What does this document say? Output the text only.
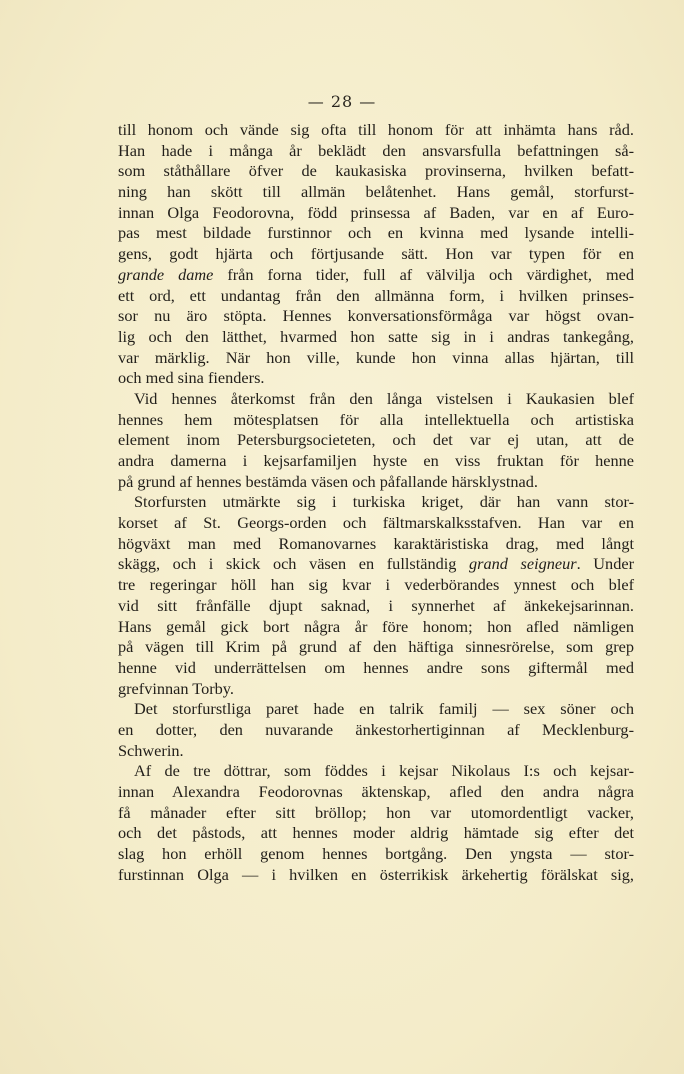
— 28 —
till honom och vände sig ofta till honom för att inhämta hans råd.
Han hade i många år beklädt den ansvarsfulla befattningen så-
som ståthållare öfver de kaukasiska provinserna, hvilken befatt-
ning han skött till allmän belåtenhet. Hans gemål, storfurst-
innan Olga Feodorovna, född prinsessa af Baden, var en af Euro-
pas mest bildade furstinnor och en kvinna med lysande intelli-
gens, godt hjärta och förtjusande sätt. Hon var typen för en
grande dame från forna tider, full af välvilja och värdighet, med
ett ord, ett undantag från den allmänna form, i hvilken prinses-
sor nu äro stöpta. Hennes konversationsförmåga var högst ovan-
lig och den lätthet, hvarmed hon satte sig in i andras tankegång,
var märklig. När hon ville, kunde hon vinna allas hjärtan, till
och med sina fienders.
Vid hennes återkomst från den långa vistelsen i Kaukasien blef
hennes hem mötesplatsen för alla intellektuella och artistiska
element inom Petersburgsocieteten, och det var ej utan, att de
andra damerna i kejsarfamiljen hyste en viss fruktan för henne
på grund af hennes bestämda väsen och påfallande härsklystnad.
Storfursten utmärkte sig i turkiska kriget, där han vann stor-
korset af St. Georgs-orden och fältmarskalksstafven. Han var en
högväxt man med Romanovarnes karaktäristiska drag, med långt
skägg, och i skick och väsen en fullständig grand seigneur. Under
tre regeringar höll han sig kvar i vederbörandes ynnest och blef
vid sitt frånfälle djupt saknad, i synnerhet af änkekejsarinnan.
Hans gemål gick bort några år före honom; hon afled nämligen
på vägen till Krim på grund af den häftiga sinnesrörelse, som grep
henne vid underrättelsen om hennes andre sons giftermål med
grefvinnan Torby.
Det storfurstliga paret hade en talrik familj — sex söner och
en dotter, den nuvarande änkestorhertiginnan af Mecklenburg-
Schwerin.
Af de tre döttrar, som föddes i kejsar Nikolaus I:s och kejsar-
innan Alexandra Feodorovnas äktenskap, afled den andra några
få månader efter sitt bröllop; hon var utomordentligt vacker,
och det påstods, att hennes moder aldrig hämtade sig efter det
slag hon erhöll genom hennes bortgång. Den yngsta — stor-
furstinnan Olga — i hvilken en österrikisk ärkehertig förälskat sig,
